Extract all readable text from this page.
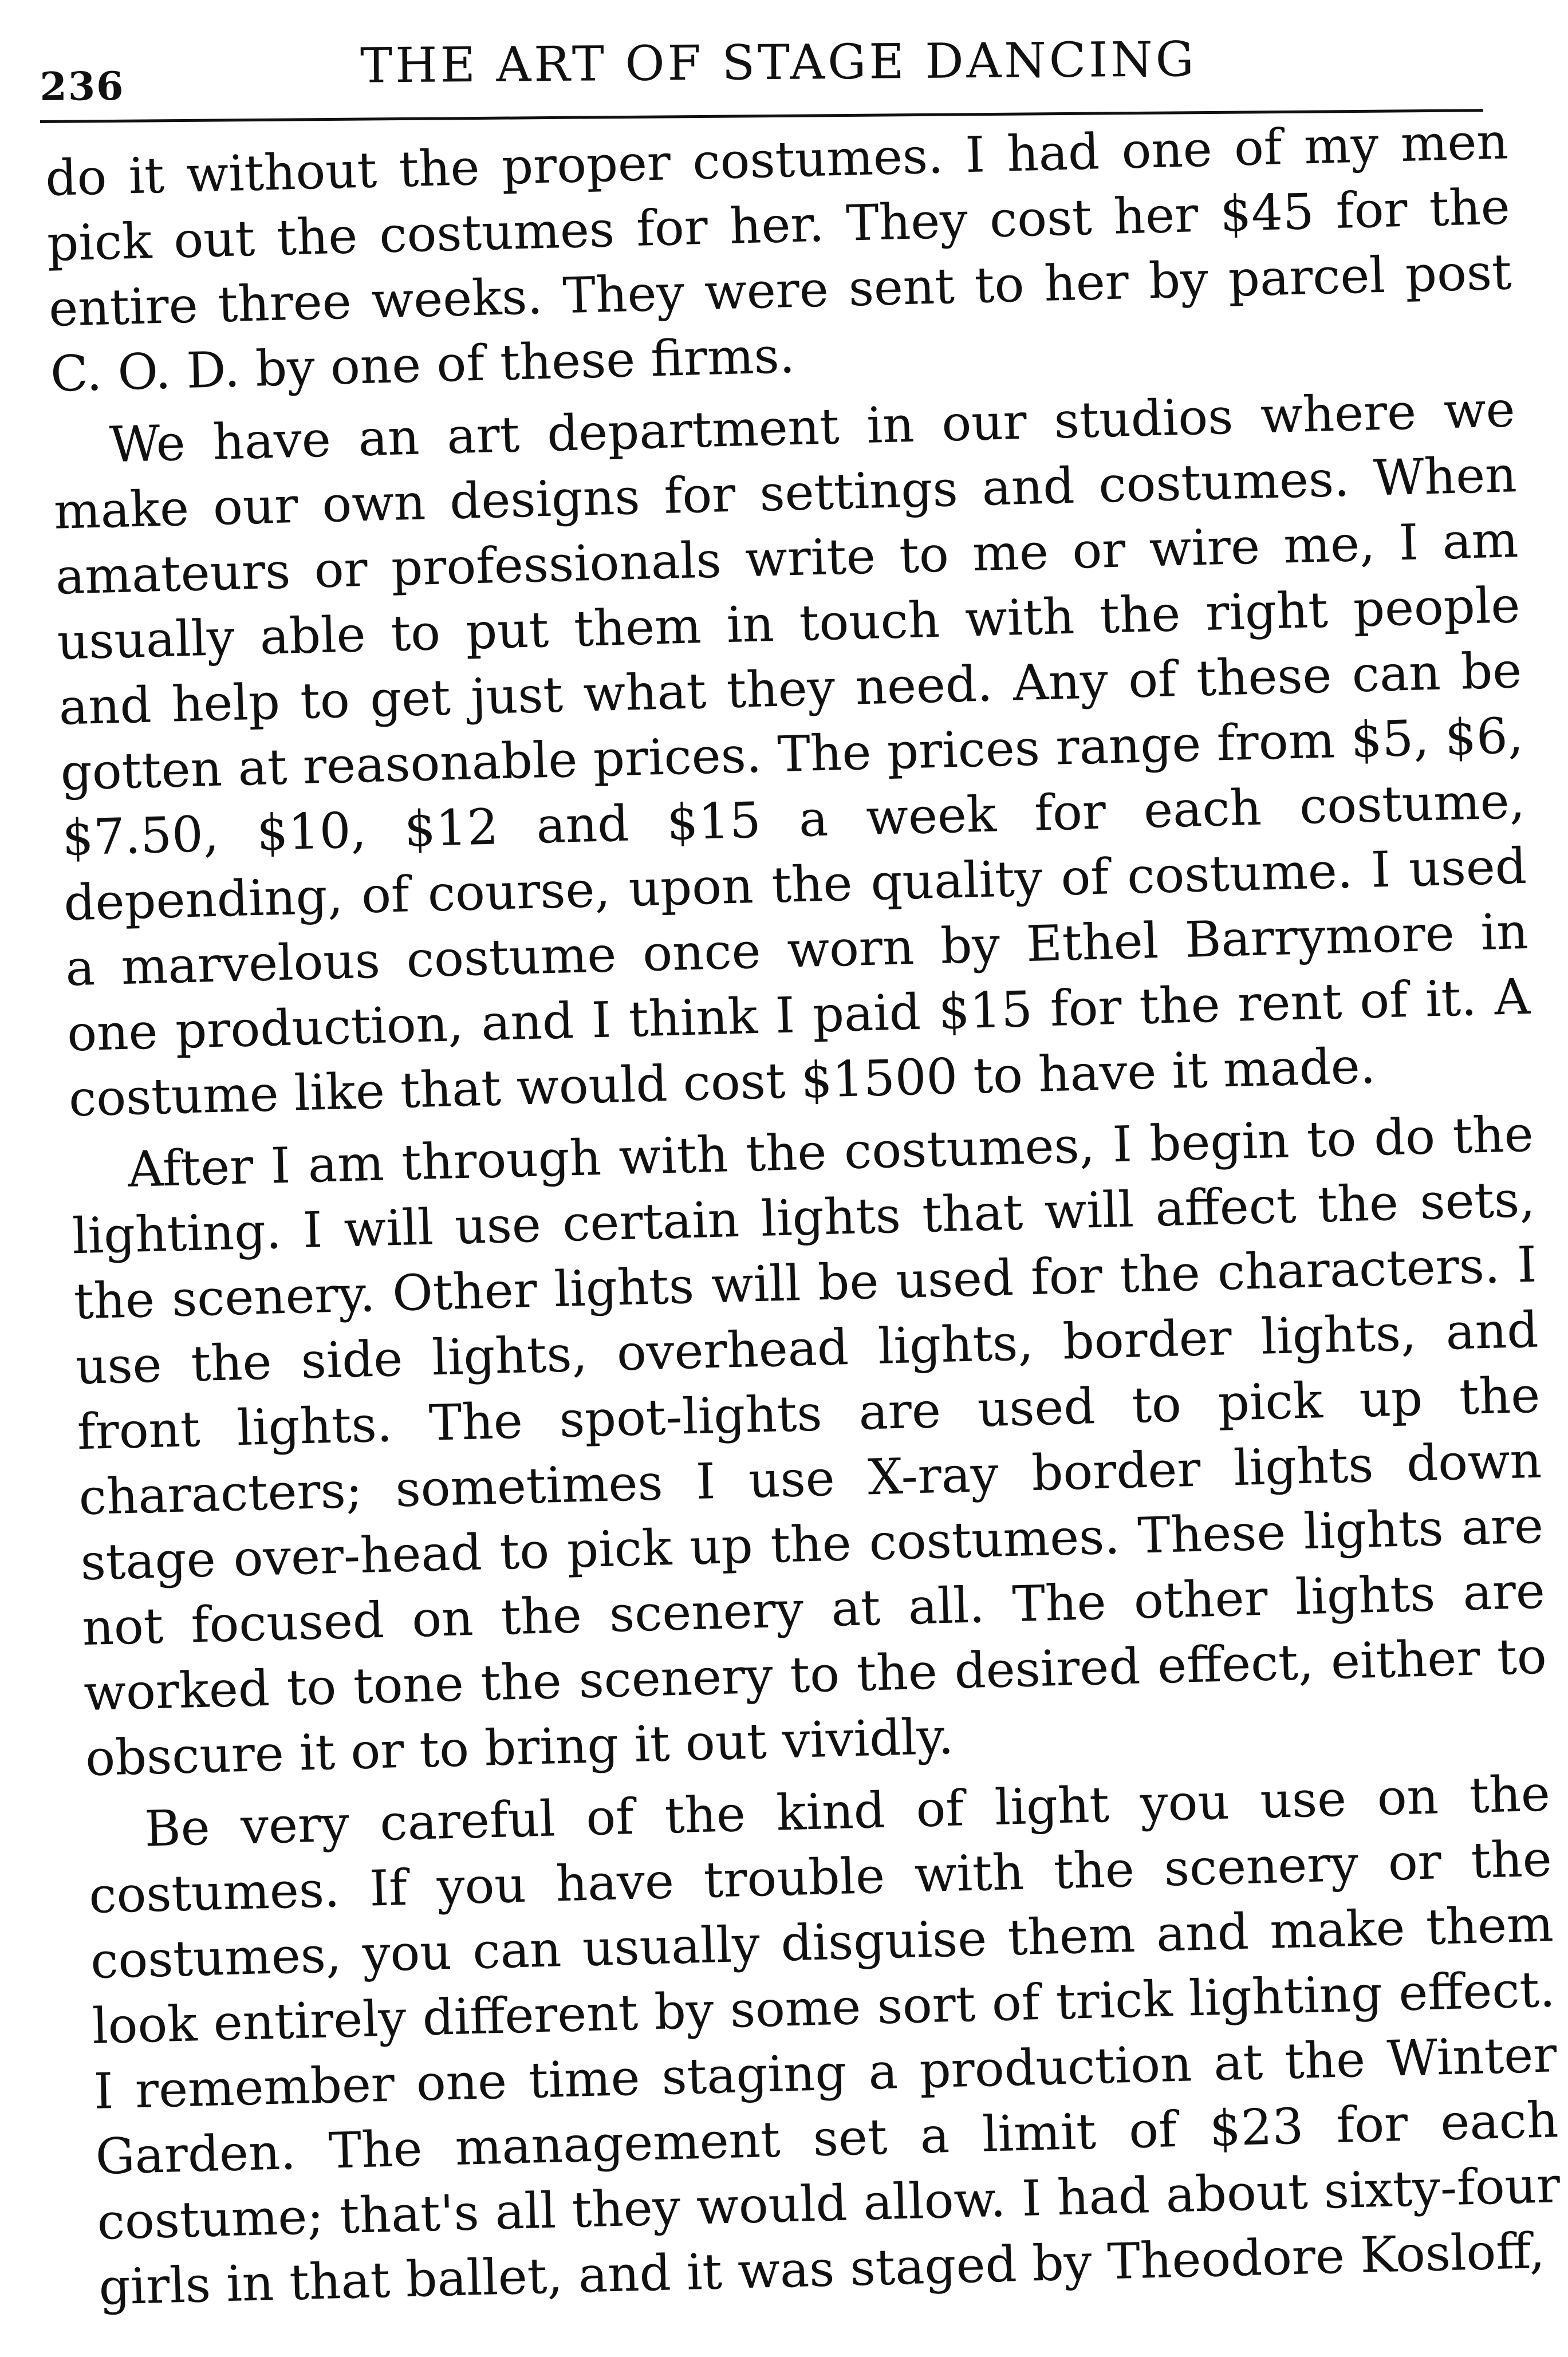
236	THE ART OF STAGE DANCING

do it without the proper costumes. I had one of my men pick out the costumes for her. They cost her $45 for the entire three weeks. They were sent to her by parcel post C. O. D. by one of these firms.

We have an art department in our studios where we make our own designs for settings and costumes. When amateurs or professionals write to me or wire me, I am usually able to put them in touch with the right people and help to get just what they need. Any of these can be gotten at reasonable prices. The prices range from $5, $6, $7.50, $10, $12 and $15 a week for each costume, depending, of course, upon the quality of costume. I used a marvelous costume once worn by Ethel Barrymore in one production, and I think I paid $15 for the rent of it. A costume like that would cost $1500 to have it made.

After I am through with the costumes, I begin to do the lighting. I will use certain lights that will affect the sets, the scenery. Other lights will be used for the characters. I use the side lights, overhead lights, border lights, and front lights. The spot-lights are used to pick up the characters; sometimes I use X-ray border lights down stage over-head to pick up the costumes. These lights are not focused on the scenery at all. The other lights are worked to tone the scenery to the desired effect, either to obscure it or to bring it out vividly.

Be very careful of the kind of light you use on the costumes. If you have trouble with the scenery or the costumes, you can usually disguise them and make them look entirely different by some sort of trick lighting effect. I remember one time staging a production at the Winter Garden. The management set a limit of $23 for each costume; that's all they would allow. I had about sixty-four girls in that ballet, and it was staged by Theodore Kosloff,
